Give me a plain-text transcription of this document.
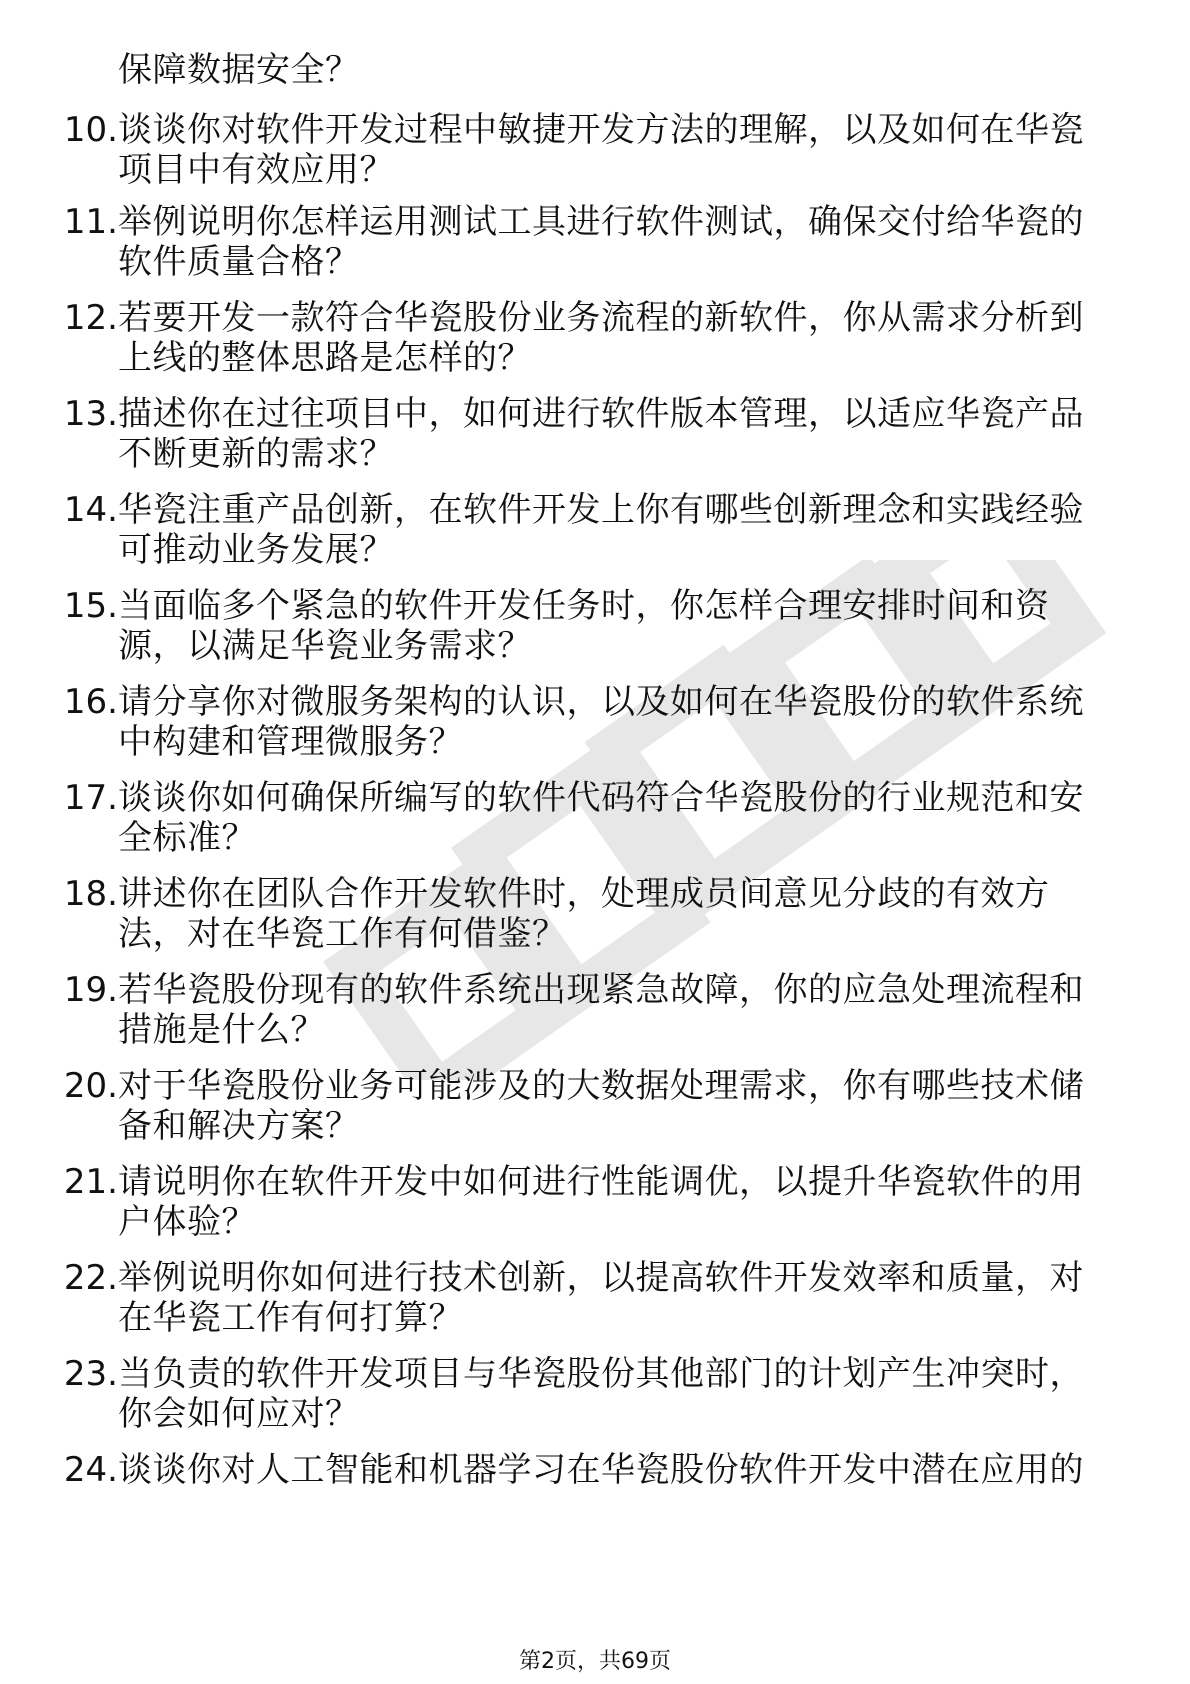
保障数据安全？
10. 谈谈你对软件开发过程中敏捷开发方法的理解，以及如何在华瓷
项目中有效应用？
11. 举例说明你怎样运用测试工具进行软件测试，确保交付给华瓷的
软件质量合格？
12. 若要开发一款符合华瓷股份业务流程的新软件，你从需求分析到
上线的整体思路是怎样的？
13. 描述你在过往项目中，如何进行软件版本管理，以适应华瓷产品
不断更新的需求？
14. 华瓷注重产品创新，在软件开发上你有哪些创新理念和实践经验
可推动业务发展？
15. 当面临多个紧急的软件开发任务时，你怎样合理安排时间和资
源，以满足华瓷业务需求？
16. 请分享你对微服务架构的认识，以及如何在华瓷股份的软件系统
中构建和管理微服务？
17. 谈谈你如何确保所编写的软件代码符合华瓷股份的行业规范和安
全标准？
18. 讲述你在团队合作开发软件时，处理成员间意见分歧的有效方
法，对在华瓷工作有何借鉴？
19. 若华瓷股份现有的软件系统出现紧急故障，你的应急处理流程和
措施是什么？
20. 对于华瓷股份业务可能涉及的大数据处理需求，你有哪些技术储
备和解决方案？
21. 请说明你在软件开发中如何进行性能调优，以提升华瓷软件的用
户体验？
22. 举例说明你如何进行技术创新，以提高软件开发效率和质量，对
在华瓷工作有何打算？
23. 当负责的软件开发项目与华瓷股份其他部门的计划产生冲突时，
你会如何应对？
24. 谈谈你对人工智能和机器学习在华瓷股份软件开发中潜在应用的
第2页，共69页
